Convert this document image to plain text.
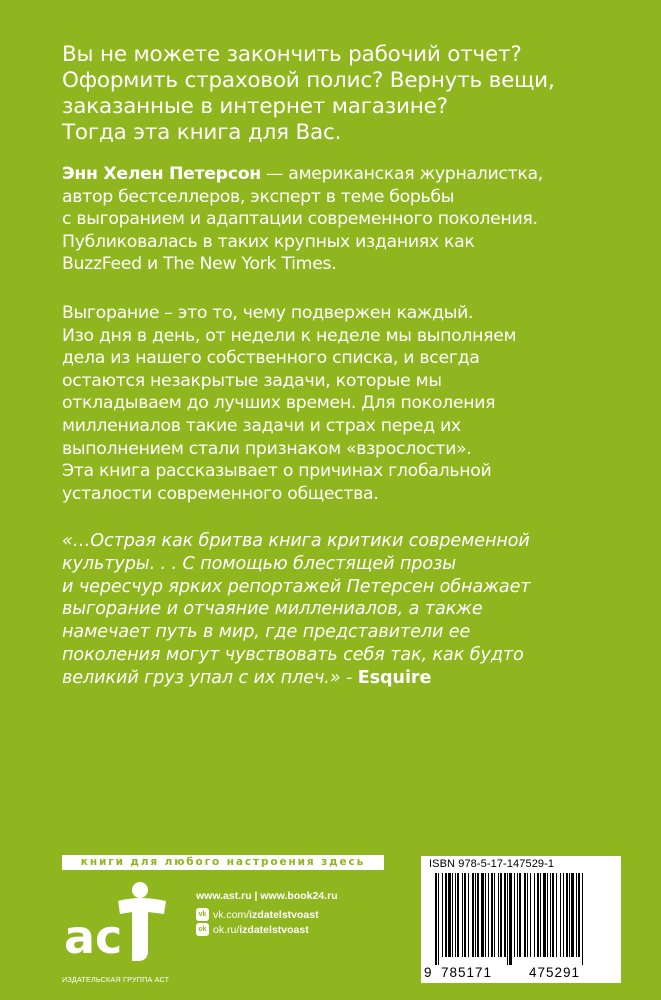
Вы не можете закончить рабочий отчет?
Оформить страховой полис? Вернуть вещи,
заказанные в интернет магазине?
Тогда эта книга для Вас.

Энн Хелен Петерсон — американская журналистка,
автор бестселлеров, эксперт в теме борьбы
с выгоранием и адаптации современного поколения.
Публиковалась в таких крупных изданиях как
BuzzFeed и The New York Times.

Выгорание – это то, чему подвержен каждый.
Изо дня в день, от недели к неделе мы выполняем
дела из нашего собственного списка, и всегда
остаются незакрытые задачи, которые мы
откладываем до лучших времен. Для поколения
миллениалов такие задачи и страх перед их
выполнением стали признаком «взрослости».
Эта книга рассказывает о причинах глобальной
усталости современного общества.

«…Острая как бритва книга критики современной
культуры. . . С помощью блестящей прозы
и чересчур ярких репортажей Петерсен обнажает
выгорание и отчаяние миллениалов, а также
намечает путь в мир, где представители ее
поколения могут чувствовать себя так, как будто
великий груз упал с их плеч.» - Esquire

книги для любого настроения здесь
ac
ИЗДАТЕЛЬСКАЯ ГРУППА АСТ
www.ast.ru | www.book24.ru
vk vk.com/ izdatelstvoast
ok ok.ru/ izdatelstvoast
ISBN 978-5-17-147529-1
9 785171	475291
